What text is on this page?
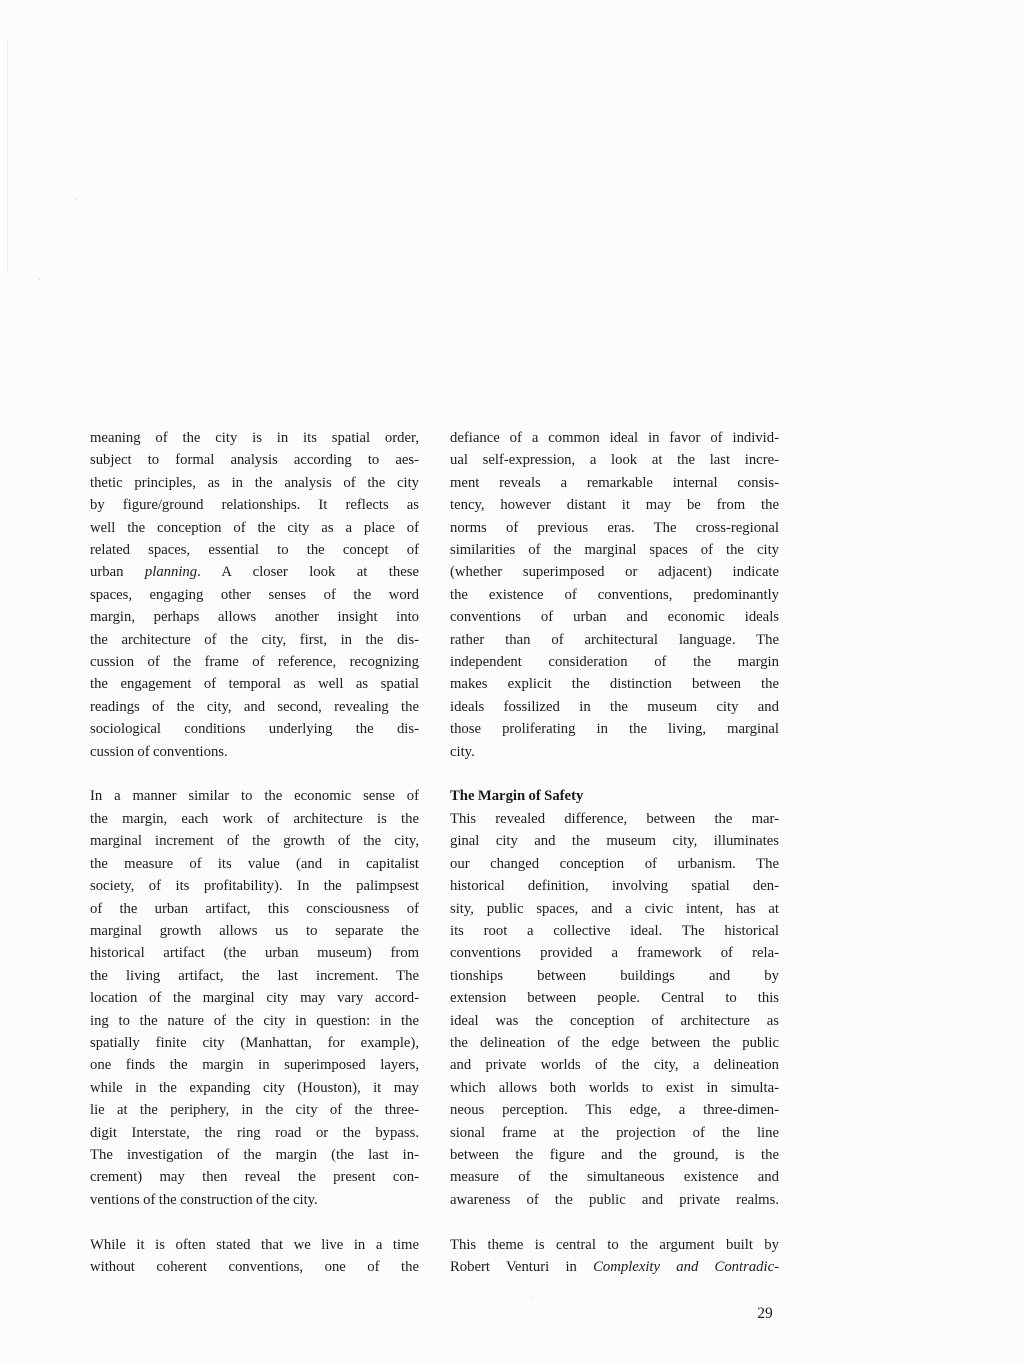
meaning of the city is in its spatial order,
subject to formal analysis according to aes-
thetic principles, as in the analysis of the city
by figure/ground relationships. It reflects as
well the conception of the city as a place of
related spaces, essential to the concept of
urban planning. A closer look at these
spaces, engaging other senses of the word
margin, perhaps allows another insight into
the architecture of the city, first, in the dis-
cussion of the frame of reference, recognizing
the engagement of temporal as well as spatial
readings of the city, and second, revealing the
sociological conditions underlying the dis-
cussion of conventions.
In a manner similar to the economic sense of
the margin, each work of architecture is the
marginal increment of the growth of the city,
the measure of its value (and in capitalist
society, of its profitability). In the palimpsest
of the urban artifact, this consciousness of
marginal growth allows us to separate the
historical artifact (the urban museum) from
the living artifact, the last increment. The
location of the marginal city may vary accord-
ing to the nature of the city in question: in the
spatially finite city (Manhattan, for example),
one finds the margin in superimposed layers,
while in the expanding city (Houston), it may
lie at the periphery, in the city of the three-
digit Interstate, the ring road or the bypass.
The investigation of the margin (the last in-
crement) may then reveal the present con-
ventions of the construction of the city.
While it is often stated that we live in a time
without coherent conventions, one of the
defiance of a common ideal in favor of individ-
ual self-expression, a look at the last incre-
ment reveals a remarkable internal consis-
tency, however distant it may be from the
norms of previous eras. The cross-regional
similarities of the marginal spaces of the city
(whether superimposed or adjacent) indicate
the existence of conventions, predominantly
conventions of urban and economic ideals
rather than of architectural language. The
independent consideration of the margin
makes explicit the distinction between the
ideals fossilized in the museum city and
those proliferating in the living, marginal
city.
The Margin of Safety
This revealed difference, between the mar-
ginal city and the museum city, illuminates
our changed conception of urbanism. The
historical definition, involving spatial den-
sity, public spaces, and a civic intent, has at
its root a collective ideal. The historical
conventions provided a framework of rela-
tionships between buildings and by
extension between people. Central to this
ideal was the conception of architecture as
the delineation of the edge between the public
and private worlds of the city, a delineation
which allows both worlds to exist in simulta-
neous perception. This edge, a three-dimen-
sional frame at the projection of the line
between the figure and the ground, is the
measure of the simultaneous existence and
awareness of the public and private realms.
This theme is central to the argument built by
Robert Venturi in Complexity and Contradic-
29
